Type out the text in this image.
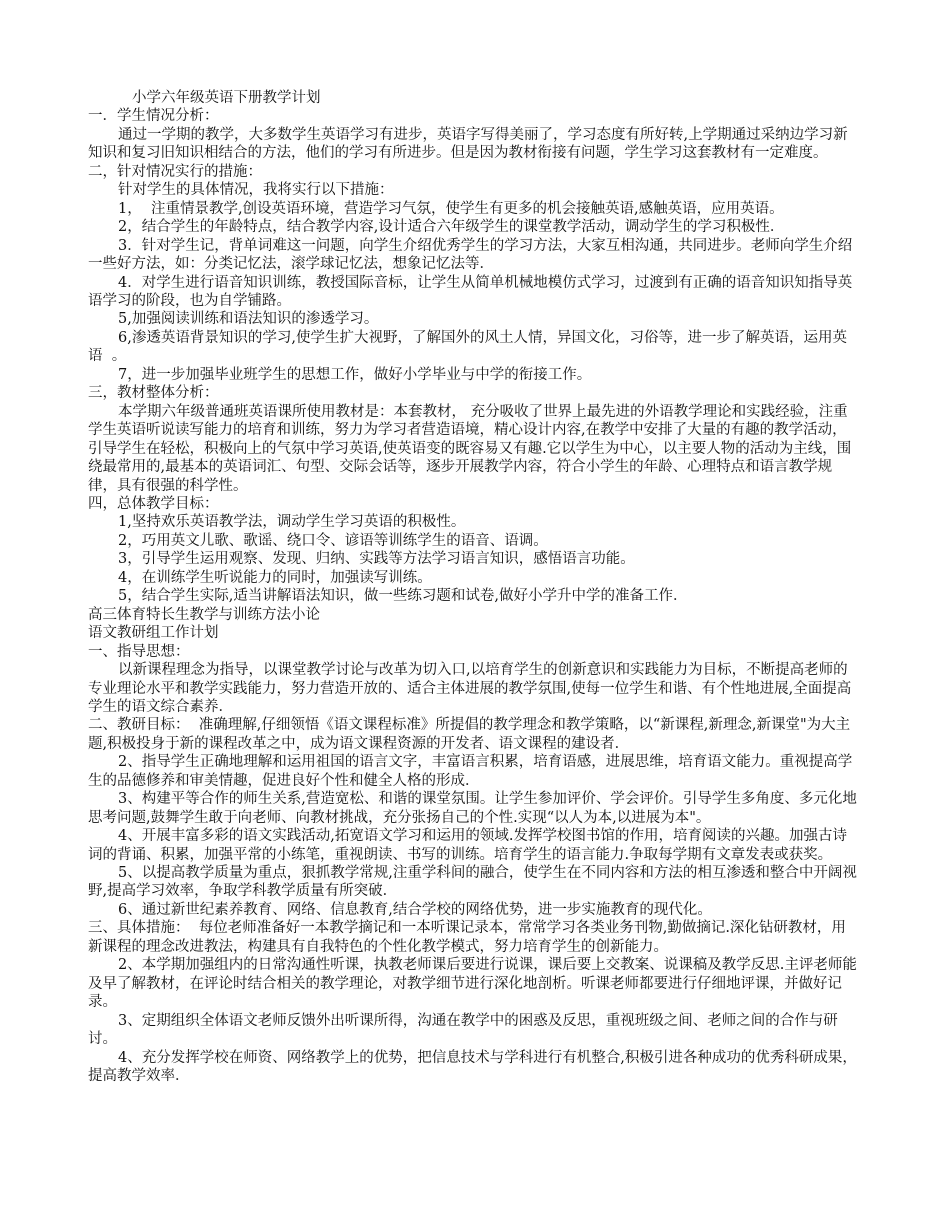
小学六年级英语下册教学计划
一．学生情况分析：
通过一学期的教学，大多数学生英语学习有进步，英语字写得美丽了，学习态度有所好转,上学期通过采纳边学习新知识和复习旧知识相结合的方法，他们的学习有所进步。但是因为教材衔接有问题，学生学习这套教材有一定难度。
二，针对情况实行的措施：
针对学生的具体情况，我将实行以下措施：
1，  注重情景教学,创设英语环境，营造学习气氛，使学生有更多的机会接触英语,感触英语，应用英语。
2，结合学生的年龄特点，结合教学内容,设计适合六年级学生的课堂教学活动，调动学生的学习积极性．
3．针对学生记，背单词难这一问题，向学生介绍优秀学生的学习方法，大家互相沟通，共同进步。老师向学生介绍一些好方法，如：分类记忆法，滚学球记忆法，想象记忆法等．
4．对学生进行语音知识训练，教授国际音标，让学生从简单机械地模仿式学习，过渡到有正确的语音知识知指导英语学习的阶段，也为自学铺路。
5,加强阅读训练和语法知识的渗透学习。
6,渗透英语背景知识的学习,使学生扩大视野，了解国外的风土人情，异国文化，习俗等，进一步了解英语，运用英语  。
7，进一步加强毕业班学生的思想工作，做好小学毕业与中学的衔接工作。
三，教材整体分析：
本学期六年级普通班英语课所使用教材是：本套教材， 充分吸收了世界上最先进的外语教学理论和实践经验，注重学生英语听说读写能力的培育和训练，努力为学习者营造语境，精心设计内容,在教学中安排了大量的有趣的教学活动，引导学生在轻松，积极向上的气氛中学习英语,使英语变的既容易又有趣.它以学生为中心，以主要人物的活动为主线，围绕最常用的,最基本的英语词汇、句型、交际会话等，逐步开展教学内容，符合小学生的年龄、心理特点和语言教学规律，具有很强的科学性。
四，总体教学目标：
1,坚持欢乐英语教学法，调动学生学习英语的积极性。
2，巧用英文儿歌、歌谣、绕口令、谚语等训练学生的语音、语调。
3，引导学生运用观察、发现、归纳、实践等方法学习语言知识，感悟语言功能。
4，在训练学生听说能力的同时，加强读写训练。
5，结合学生实际,适当讲解语法知识，做一些练习题和试卷,做好小学升中学的准备工作．
高三体育特长生教学与训练方法小论
语文教研组工作计划
一、指导思想：
以新课程理念为指导，以课堂教学讨论与改革为切入口,以培育学生的创新意识和实践能力为目标，不断提高老师的专业理论水平和教学实践能力，努力营造开放的、适合主体进展的教学氛围,使每一位学生和谐、有个性地进展,全面提高学生的语文综合素养．
二、教研目标：  准确理解,仔细领悟《语文课程标准》所提倡的教学理念和教学策略，以“新课程,新理念,新课堂"为大主题,积极投身于新的课程改革之中，成为语文课程资源的开发者、语文课程的建设者．
2、指导学生正确地理解和运用祖国的语言文字，丰富语言积累，培育语感，进展思维，培育语文能力。重视提高学生的品德修养和审美情趣，促进良好个性和健全人格的形成．
3、构建平等合作的师生关系,营造宽松、和谐的课堂氛围。让学生参加评价、学会评价。引导学生多角度、多元化地思考问题,鼓舞学生敢于向老师、向教材挑战，充分张扬自己的个性.实现“以人为本,以进展为本"。
4、开展丰富多彩的语文实践活动,拓宽语文学习和运用的领域.发挥学校图书馆的作用，培育阅读的兴趣。加强古诗词的背诵、积累，加强平常的小练笔，重视朗读、书写的训练。培育学生的语言能力.争取每学期有文章发表或获奖。
5、以提高教学质量为重点，狠抓教学常规,注重学科间的融合，使学生在不同内容和方法的相互渗透和整合中开阔视野,提高学习效率，争取学科教学质量有所突破．
6、通过新世纪素养教育、网络、信息教育,结合学校的网络优势，进一步实施教育的现代化。
三、具体措施：  每位老师准备好一本教学摘记和一本听课记录本，常常学习各类业务刊物,勤做摘记.深化钻研教材，用新课程的理念改进教法，构建具有自我特色的个性化教学模式，努力培育学生的创新能力。
2、本学期加强组内的日常沟通性听课，执教老师课后要进行说课，课后要上交教案、说课稿及教学反思.主评老师能及早了解教材，在评论时结合相关的教学理论，对教学细节进行深化地剖析。听课老师都要进行仔细地评课，并做好记录。
3、定期组织全体语文老师反馈外出听课所得，沟通在教学中的困惑及反思，重视班级之间、老师之间的合作与研讨。
4、充分发挥学校在师资、网络教学上的优势，把信息技术与学科进行有机整合,积极引进各种成功的优秀科研成果，提高教学效率．
